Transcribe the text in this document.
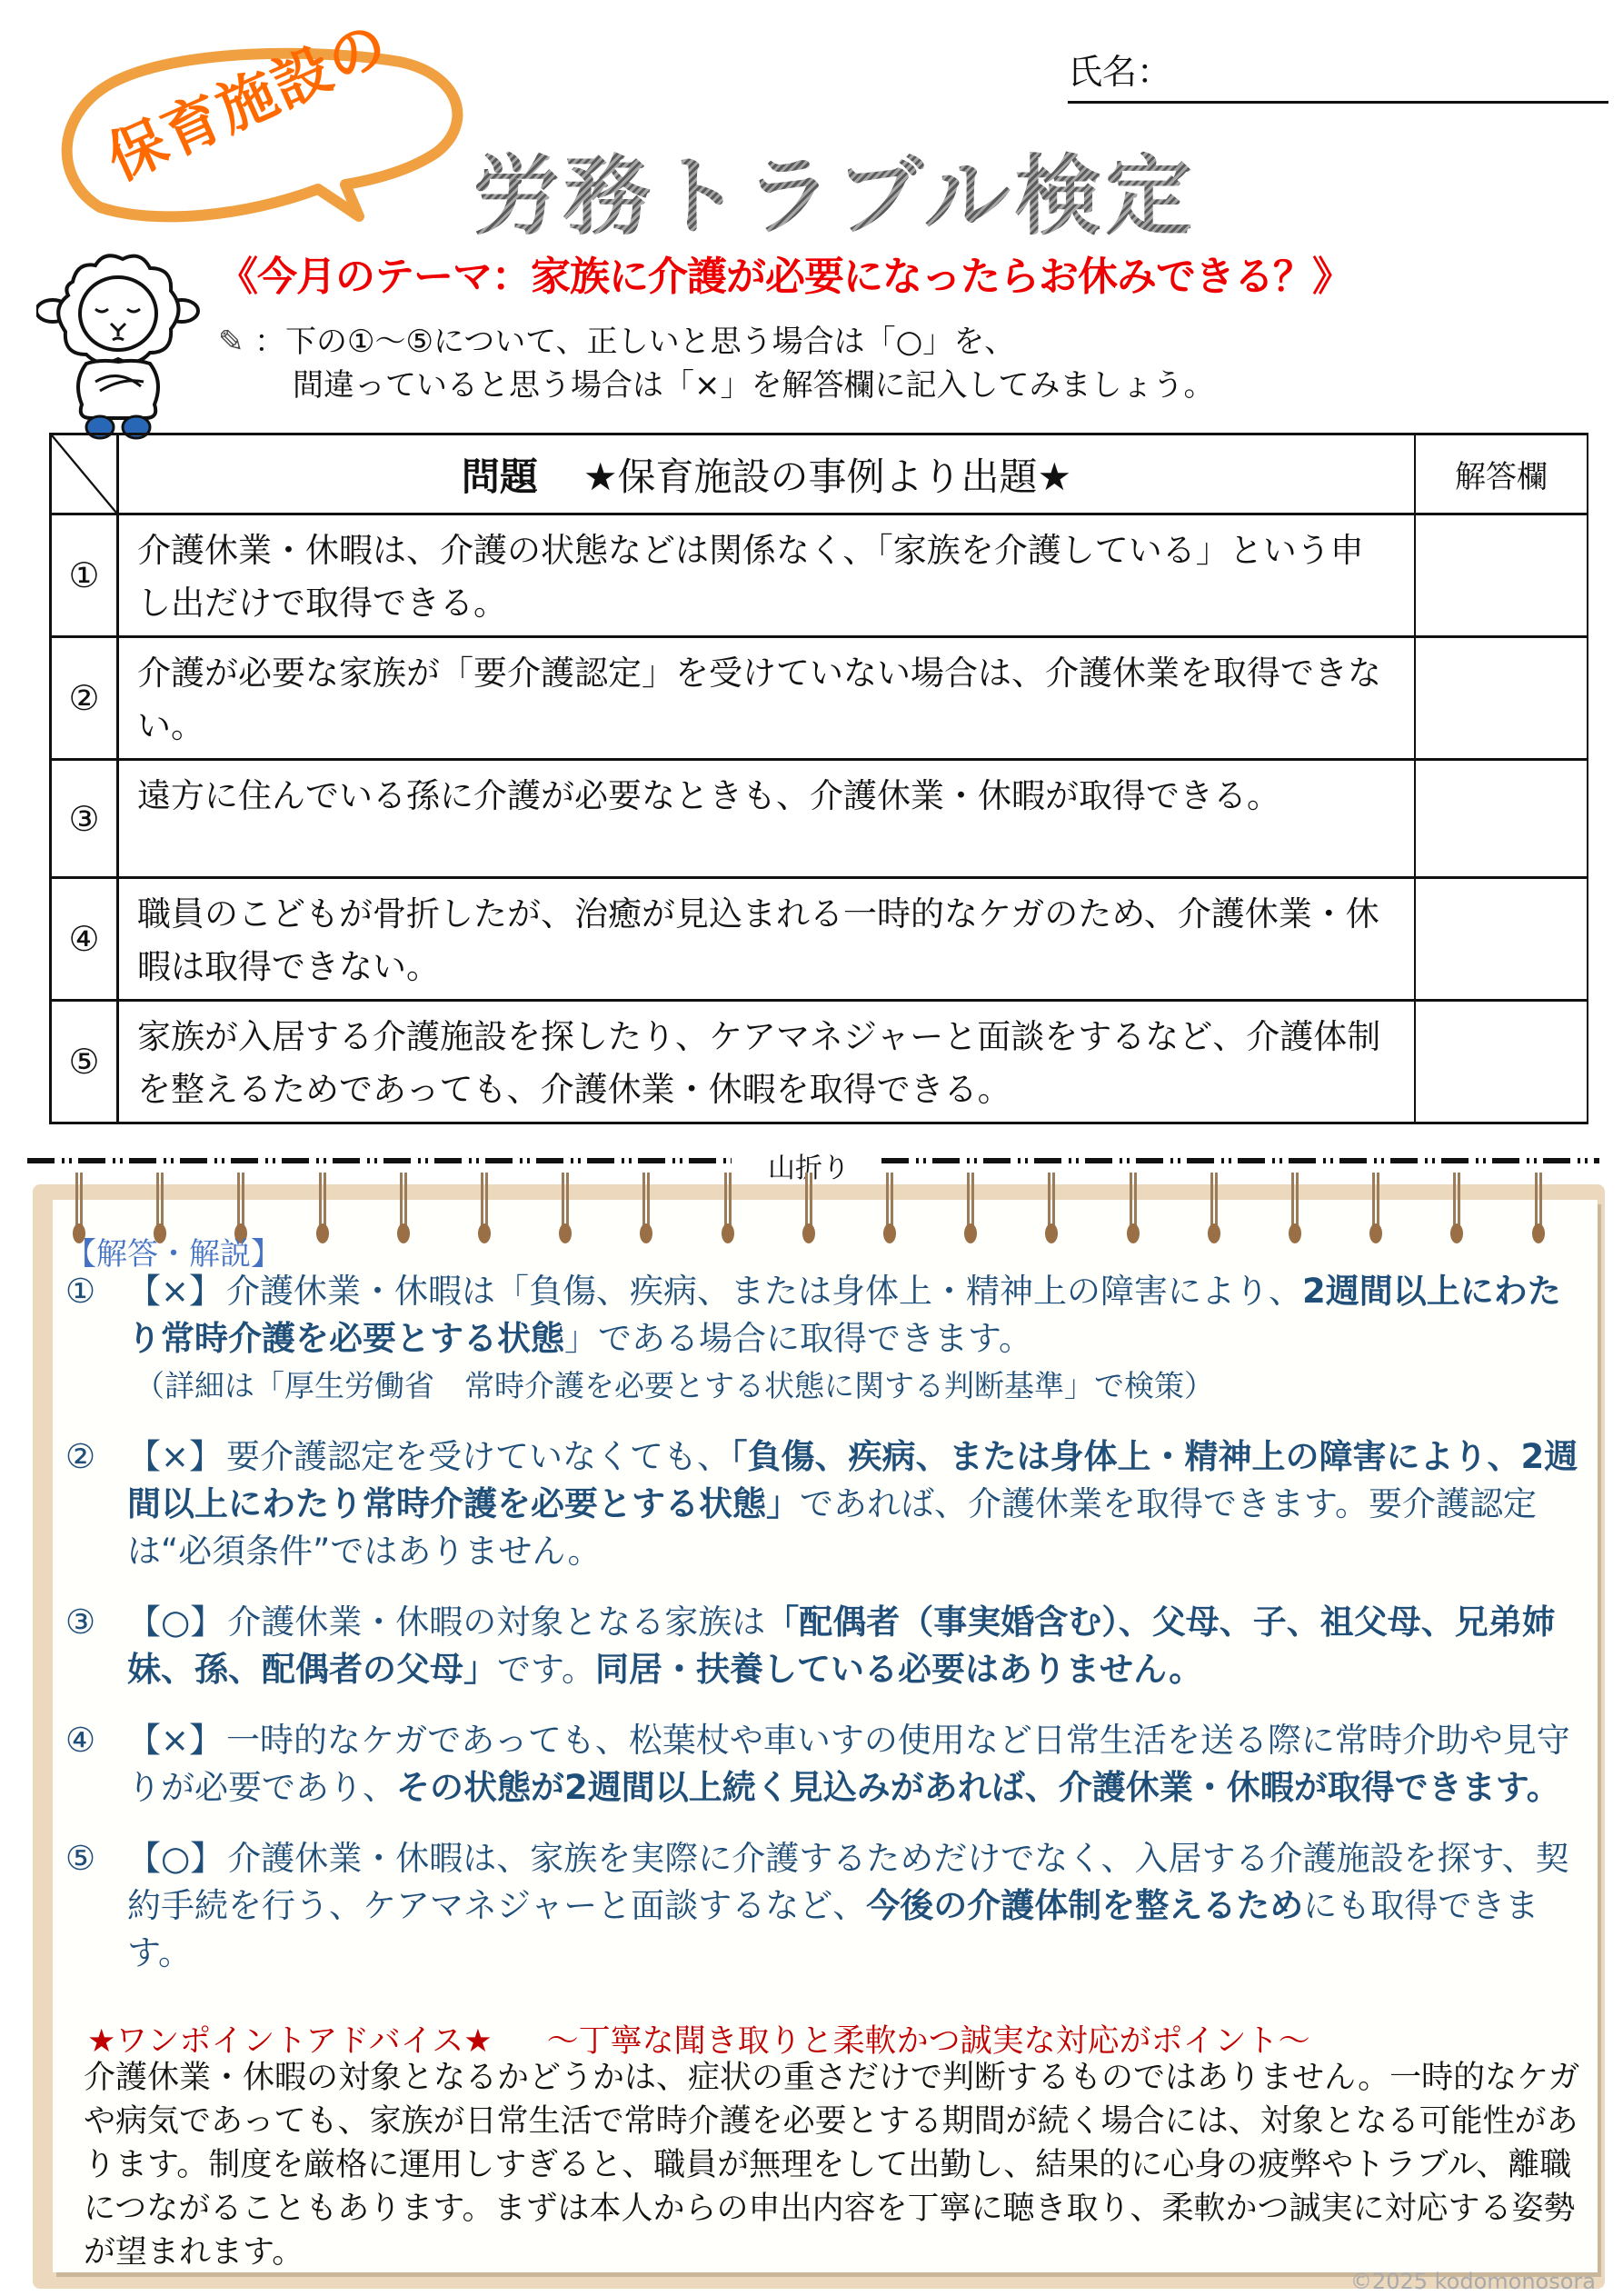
氏名：
保育施設の
労務トラブル検定
《今月のテーマ：家族に介護が必要になったらお休みできる？》
✎ ：下の①～⑤について、正しいと思う場合は「○」を、
間違っていると思う場合は「×」を解答欄に記入してみましょう。
	問題 ★保育施設の事例より出題★	解答欄
①	介護休業・休暇は、介護の状態などは関係なく、「家族を介護している」という申し出だけで取得できる。	

②	介護が必要な家族が「要介護認定」を受けていない場合は、介護休業を取得できない。	

③	遠方に住んでいる孫に介護が必要なときも、介護休業・休暇が取得できる。	

④	職員のこどもが骨折したが、治癒が見込まれる一時的なケガのため、介護休業・休暇は取得できない。	

⑤	家族が入居する介護施設を探したり、ケアマネジャーと面談をするなど、介護体制を整えるためであっても、介護休業・休暇を取得できる。	

山折り
【解答・解説】
① 【×】 介護休業・休暇は「負傷、疾病、または身体上・精神上の障害により、2週間以上にわたり常時介護を必要とする状態」である場合に取得できます。
（詳細は「厚生労働省　常時介護を必要とする状態に関する判断基準」で検策）
② 【×】 要介護認定を受けていなくても、「負傷、疾病、または身体上・精神上の障害により、2週間以上にわたり常時介護を必要とする状態」であれば、介護休業を取得できます。要介護認定は“必須条件”ではありません。
③ 【○】 介護休業・休暇の対象となる家族は「配偶者（事実婚含む）、父母、子、祖父母、兄弟姉妹、孫、配偶者の父母」です。同居・扶養している必要はありません。
④ 【×】 一時的なケガであっても、松葉杖や車いすの使用など日常生活を送る際に常時介助や見守りが必要であり、その状態が2週間以上続く見込みがあれば、介護休業・休暇が取得できます。
⑤ 【○】 介護休業・休暇は、家族を実際に介護するためだけでなく、入居する介護施設を探す、契約手続を行う、ケアマネジャーと面談するなど、今後の介護体制を整えるためにも取得できます。
★ワンポイントアドバイス★ ～丁寧な聞き取りと柔軟かつ誠実な対応がポイント～
介護休業・休暇の対象となるかどうかは、症状の重さだけで判断するものではありません。一時的なケガや病気であっても、家族が日常生活で常時介護を必要とする期間が続く場合には、対象となる可能性があります。制度を厳格に運用しすぎると、職員が無理をして出勤し、結果的に心身の疲弊やトラブル、離職につながることもあります。まずは本人からの申出内容を丁寧に聴き取り、柔軟かつ誠実に対応する姿勢が望まれます。
©2025 kodomonosora
